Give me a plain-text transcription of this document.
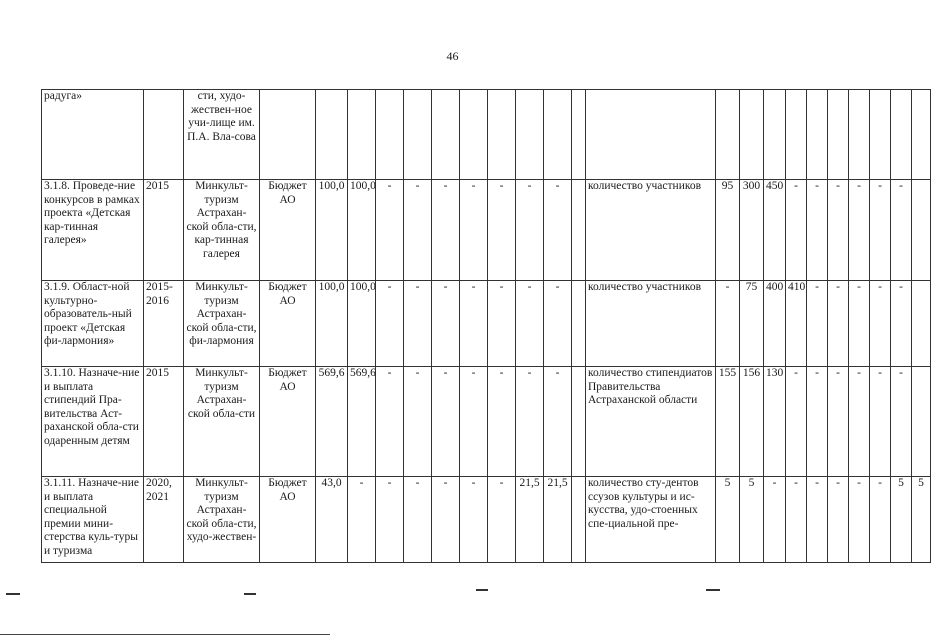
46
радуга»		сти, худо-жествен-ное учи-лище им. П.А. Вла-сова																						
3.1.8. Проведе-ние конкурсов в рамках проекта «Детская кар-тинная галерея»	2015	Минкульт-туризм Астрахан-ской обла-сти, кар-тинная галерея	Бюджет АО	100,0	100,0	-	-	-	-	-	-	-		количество участников	95	300	450	-	-	-	-	-	-	
3.1.9. Област-ной культурно-образователь-ный проект «Детская фи-лармония»	2015-2016	Минкульт-туризм Астрахан-ской обла-сти, фи-лармония	Бюджет АО	100,0	100,0	-	-	-	-	-	-	-		количество участников	-	75	400	410	-	-	-	-	-	
3.1.10. Назначе-ние и выплата стипендий Пра-вительства Аст-раханской обла-сти одаренным детям	2015	Минкульт-туризм Астрахан-ской обла-сти	Бюджет АО	569,6	569,6	-	-	-	-	-	-	-		количество стипендиатов Правительства Астраханской области	155	156	130	-	-	-	-	-	-	
3.1.11. Назначе-ние и выплата специальной премии мини-стерства куль-туры и туризма	2020, 2021	Минкульт-туризм Астрахан-ской обла-сти, худо-жествен-	Бюджет АО	43,0	-	-	-	-	-	-	21,5	21,5		количество сту-дентов ссузов культуры и ис-кусства, удо-стоенных спе-циальной пре-	5	5	-	-	-	-	-	-	5	5
